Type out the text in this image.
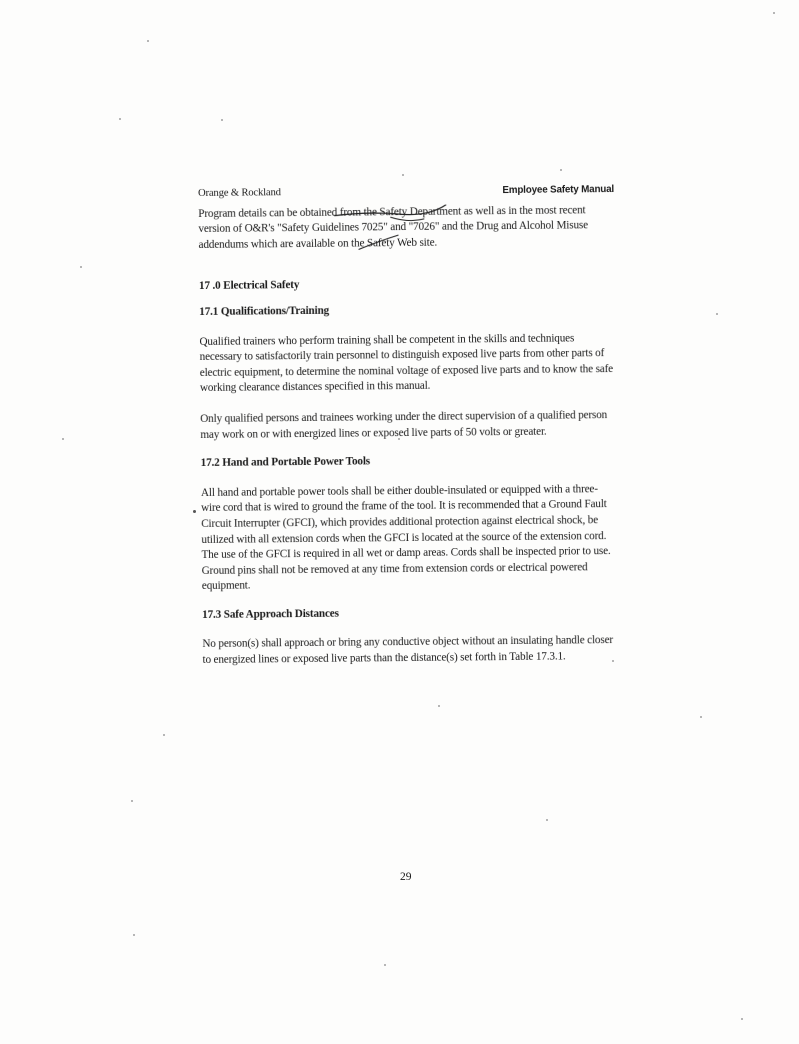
Orange & Rockland	Employee Safety Manual

Program details can be obtained from the Safety Department as well as in the most recent version of O&R's "Safety Guidelines 7025" and "7026" and the Drug and Alcohol Misuse addendums which are available on the Safety Web site.

17 .0 Electrical Safety

17.1 Qualifications/Training

Qualified trainers who perform training shall be competent in the skills and techniques necessary to satisfactorily train personnel to distinguish exposed live parts from other parts of electric equipment, to determine the nominal voltage of exposed live parts and to know the safe working clearance distances specified in this manual.

Only qualified persons and trainees working under the direct supervision of a qualified person may work on or with energized lines or exposed live parts of 50 volts or greater.

17.2 Hand and Portable Power Tools

All hand and portable power tools shall be either double-insulated or equipped with a three-wire cord that is wired to ground the frame of the tool. It is recommended that a Ground Fault Circuit Interrupter (GFCI), which provides additional protection against electrical shock, be utilized with all extension cords when the GFCI is located at the source of the extension cord. The use of the GFCI is required in all wet or damp areas. Cords shall be inspected prior to use. Ground pins shall not be removed at any time from extension cords or electrical powered equipment.

17.3 Safe Approach Distances

No person(s) shall approach or bring any conductive object without an insulating handle closer to energized lines or exposed live parts than the distance(s) set forth in Table 17.3.1.

29
